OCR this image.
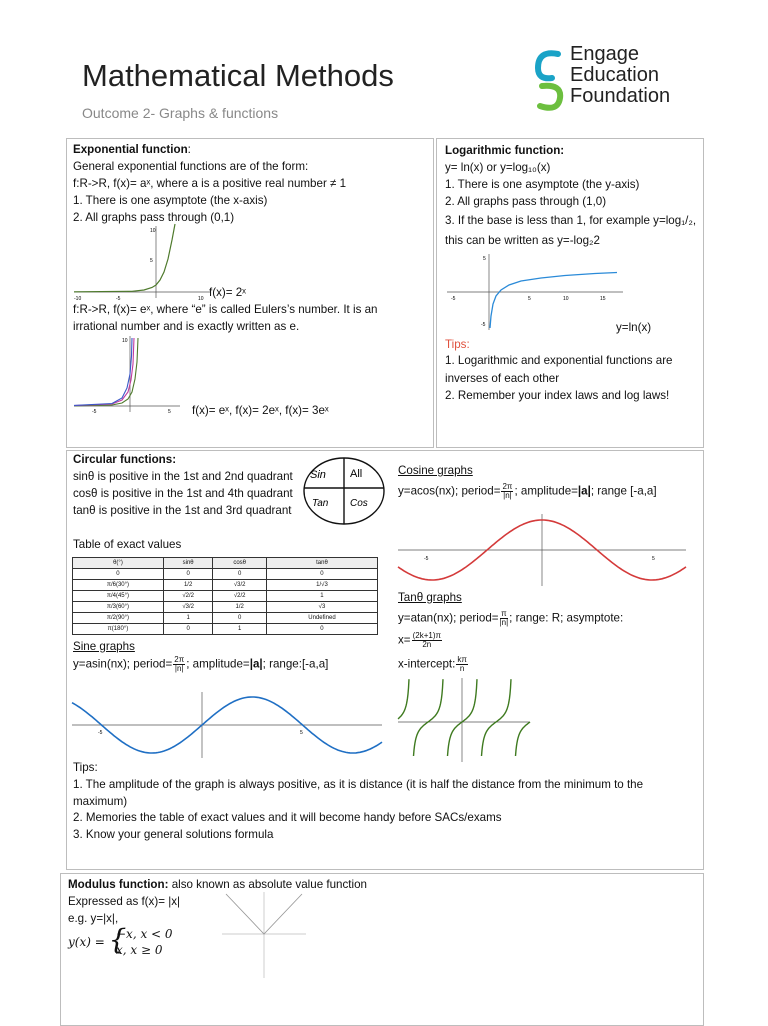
Mathematical Methods
Outcome 2- Graphs & functions
Engage
Education
Foundation
Exponential function:
General exponential functions are of the form:
f:R->R, f(x)= aˣ, where a is a positive real number ≠ 1
1. There is one asymptote (the x-axis)
2. All graphs pass through (0,1)
-10	-5	10
10
5
f(x)= 2ˣ
f:R->R, f(x)= eˣ, where “e” is called Eulers’s number. It is an
irrational number and is exactly written as e.
-5	5
10
f(x)= eˣ, f(x)= 2eˣ, f(x)= 3eˣ
Logarithmic function:
y= ln(x) or y=log₁₀(x)
1. There is one asymptote (the y-axis)
2. All graphs pass through (1,0)
3. If the base is less than 1, for example y=log₁/₂,
this can be written as y=-log₂2
-5	5	10	15
5
-5	y=ln(x)
Tips:
1. Logarithmic and exponential functions are
inverses of each other
2. Remember your index laws and log laws!
Circular functions:
sinθ is positive in the 1st and 2nd quadrant
cosθ is positive in the 1st and 4th quadrant
tanθ is positive in the 1st and 3rd quadrant
Sin All
Tan Cos
Table of exact values
θ(°)	sinθ	cosθ	tanθ
0	0	0	0
π/6(30°)	1/2	√3/2	1/√3
π/4(45°)	√2/2	√2/2	1
π/3(60°)	√3/2	1/2	√3
π/2(90°)	1	0	Undefined
π(180°)	0	1	0
Sine graphs
y=asin(nx); period= $\frac{2\pi}{|n|}$ ; amplitude=|a|; range:[-a,a]
-5	5
Cosine graphs
y=acos(nx); period= $\frac{2\pi}{|n|}$ ; amplitude=|a|; range [-a,a]
-5	5
Tanθ graphs
y=atan(nx); period= $\frac{\pi}{|n|}$ ; range: R; asymptote:
$x= \frac{(2k+1)\pi}{2n}$
x-intercept: $\frac{k\pi}{n}$
Tips:
1. The amplitude of the graph is always positive, as it is distance (it is half the distance from the minimum to the
maximum)
2. Memories the table of exact values and it will become handy before SACs/exams
3. Know your general solutions formula
Modulus function: also known as absolute value function
Expressed as f(x)= |x|
e.g. y=|x|,
y(x) = {
−x, x < 0
x, x ≥ 0
